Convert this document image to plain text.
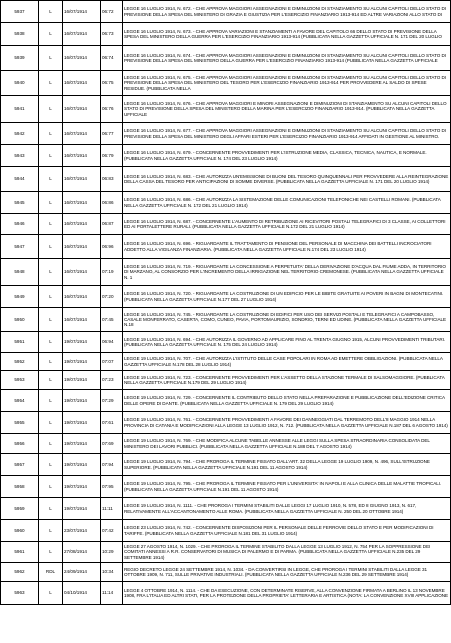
5937	L	16/07/1914	06:72	LEGGE 16 LUGLIO 1914, N. 672. - CHE APPROVA MAGGIORI ASSEGNAZIONI E DIMINUZIONI DI STANZIAMENTO SU ALCUNI CAPITOLI DELLO STATO DI PREVISIONE DELLA SPESA DEL MINISTERO DI GRAZIA E GIUSTIZIA PER L'ESERCIZIO FINANZIARIO 1913-914 ED ALTRE VARIAZIONI ALLO STATO DI
5938	L	16/07/1914	06:73	LEGGE 16 LUGLIO 1914, N. 673. - CHE APPROVA VARIAZIONI E STANZIAMENTI A FAVORE DEL CAPITOLO 66 DELLO STATO DI PREVISIONE DELLA SPESA DEL MINISTERO DELLA GUERRA PER L'ESERCIZIO FINANZIARIO 1913-914 (PUBBLICATA NELLA GAZZETTA UFFICIALE N. 171 DEL 20 LUGLIO
5939	L	16/07/1914	06:74	LEGGE 16 LUGLIO 1914, N. 674. - CHE APPROVA MAGGIORI ASSEGNAZIONI E DIMINUZIONI DI STANZIAMENTO SU ALCUNI CAPITOLI DELLO STATO DI PREVISIONE DELLA SPESA DEL MINISTERO DELLA GUERRA PER L'ESERCIZIO FINANZIARIO 1913-914 (PUBBLICATA NELLA GAZZETTA UFFICIALE
5940	L	16/07/1914	06:75	LEGGE 16 LUGLIO 1914, N. 675. - CHE APPROVA MAGGIORI ASSEGNAZIONI E DIMINUZIONI DI STANZIAMENTO SU ALCUNI CAPITOLI DELLO STATO DI PREVISIONE DELLA SPESA DEL MINISTERO DEL TESORO PER L'ESERCIZIO FINANZIARIO 1913-914 PER PROVVEDERE AL SALDO DI SPESE RESIDUE. (PUBBLICATA NELLA
5941	L	16/07/1914	06:76	LEGGE 16 LUGLIO 1914, N. 676. - CHE APPROVA MAGGIORI E MINORI ASSEGNAZIONI E DIMINUZIONI DI STANZIAMENTO SU ALCUNI CAPITOLI DELLO STATO DI PREVISIONE DELLA SPESA DEL MINISTERO DELLA MARINA PER L'ESERCIZIO FINANZIARIO 1913-914. (PUBBLICATA NELLA GAZZETTA UFFICIALE
5942	L	16/07/1914	06:77	LEGGE 16 LUGLIO 1914, N. 677. - CHE APPROVA MAGGIORI ASSEGNAZIONI E DIMINUZIONI DI STANZIAMENTO SU ALCUNI CAPITOLI DELLO STATO DI PREVISIONE DELLA SPESA DEL MINISTERO DEGLI AFFARI ESTERI PER L'ESERCIZIO FINANZIARIO 1913-914 AFFIDATI IN GESTIONE AL MINISTRO.
5943	L	16/07/1914	06:79	LEGGE 16 LUGLIO 1914, N. 679. - CONCERNENTE PROVVEDIMENTI PER L'ISTRUZIONE MEDIA, CLASSICA, TECNICA, NAUTICA, E NORMALE. (PUBBLICATA NELLA GAZZETTA UFFICIALE N. 174 DEL 23 LUGLIO 1914)
5944	L	16/07/1914	06:83	LEGGE 16 LUGLIO 1914, N. 683. - CHE AUTORIZZA UN'EMISSIONE DI BUONI DEL TESORO QUINQUENNALI PER PROVVEDERE ALLA REINTEGRAZIONE DELLA CASSA DEL TESORO PER ANTICIPAZIONI DI SOMME DIVERSE. (PUBBLICATA NELLA GAZZETTA UFFICIALE N. 171 DEL 20 LUGLIO 1914)
5945	L	16/07/1914	06:86	LEGGE 16 LUGLIO 1914, N. 686. - CHE AUTORIZZA LA SISTEMAZIONE DELLE COMUNICAZIONI TELEFONICHE NEI CASTELLI ROMANI. (PUBBLICATA NELLA GAZZETTA UFFICIALE N. 172 DEL 21 LUGLIO 1914)
5946	L	16/07/1914	06:87	LEGGE 16 LUGLIO 1914, N. 687. - CONCERNENTE L'AUMENTO DI RETRIBUZIONE AI RICEVITORI POSTALI TELEGRAFICI DI 3 CLASSE, AI COLLETTORI ED AI PORTALETTERE RURALI. (PUBBLICATA NELLA GAZZETTA UFFICIALE N.172 DEL 21 LUGLIO 1914)
5947	L	16/07/1914	06:96	LEGGE 16 LUGLIO 1914, N. 696. - RIGUARDANTE IL TRATTAMENTO DI PENSIONE DEL PERSONALE DI MACCHINA DEI BATTELLI INCROCIATORI ADDETTO ALLA VIGILANZA FINANZIARIA. (PUBBLICATA NELLA GAZZETTA UFFICIALE N.174 DEL 23 LUGLIO 1914)
5948	L	16/07/1914	07:19	LEGGE 16 LUGLIO 1914, N. 719. - RIGUARDANTE LA CONCESSIONE A PERPETUITA' DELLA DERIVAZIONE D'ACQUA DAL FIUME ADDA, IN TERRITORIO DI MARZANO, AL CONSORZIO PER L'INCREMENTO DELLA IRRIGAZIONE NEL TERRITORIO CREMONESE. (PUBBLICATA NELLA GAZZETTA UFFICIALE N. 1
5949	L	16/07/1914	07:20	LEGGE 16 LUGLIO 1914, N. 720. - RIGUARDANTE LA COSTRUZIONE DI UN EDIFICIO PER LE BIBITE GRATUITE AI POVERI IN BAGNI DI MONTECATINI. (PUBBLICATA NELLA GAZZETTA UFFICIALE N.177 DEL 27 LUGLIO 1914)
5950	L	16/07/1914	07:45	LEGGE 16 LUGLIO 1914, N. 745. - RIGUARDANTE LA COSTRUZIONE DI EDIFICI PER USO DEI SERVIZI POSTALI E TELEGRAFICI A CAMPOBASSO, CASALE MONFERRATO, CASERTA, COMO, CUNEO, PAVIA, PORTOMAURIZIO, SONDRIO, TERNI ED UDINE. (PUBBLICATA NELLA GAZZETTA UFFICIALE N.18
5951	L	19/07/1914	06:94	LEGGE 19 LUGLIO 1914, N. 694. - CHE AUTORIZZA IL GOVERNO AD APPLICARE FINO AL TRENTA GIUGNO 1915, ALCUNI PROVVEDIMENTI TRIBUTARI. (PUBBLICATA NELLA GAZZETTA UFFICIALE N. 175 DEL 24 LUGLIO 1914)
5952	L	19/07/1914	07:07	LEGGE 19 LUGLIO 1914, N. 707. - CHE AUTORIZZA L'ISTITUTO DELLE CASE POPOLARI IN ROMA AD EMETTERE OBBLIGAZIONI. (PUBBLICATA NELLA GAZZETTA UFFICIALE N.178 DEL 28 LUGLIO 1914)
5953	L	19/07/1914	07:23	LEGGE 19 LUGLIO 1914, N. 723. - CONCERNENTE PROVVEDIMENTI PER L'ASSETTO DELLA STAZIONE TERMALE DI SALSOMAGGIORE. (PUBBLICATA NELLA GAZZETTA UFFICIALE N.179 DEL 29 LUGLIO 1914)
5954	L	19/07/1914	07:29	LEGGE 19 LUGLIO 1914, N. 729. - CONCERNENTE IL CONTRIBUTO DELLO STATO NELLA PREPARAZIONE E PUBBLICAZIONE DELL'EDIZIONE CRITICA DELLE OPERE DI DANTE. (PUBBLICATA NELLA GAZZETTA UFFICIALE N. 179 DEL 29 LUGLIO 1914)
5955	L	19/07/1914	07:61	LEGGE 19 LUGLIO 1914, N. 761. - CONCERNENTE PROVVEDIMENTI A FAVORE DEI DANNEGGIATI DAL TERREMOTO DELL'8 MAGGIO 1914 NELLA PROVINCIA DI CATANIA E MODIFICAZIONI ALLA LEGGE 13 LUGLIO 1912, N. 712. (PUBBLICATA NELLA GAZZETTA UFFICIALE N.187 DEL 6 AGOSTO 1914)
5956	L	19/07/1914	07:69	LEGGE 19 LUGLIO 1914, N. 769. - CHE MODIFICA ALCUNE TABELLE ANNESSE ALLE LEGGI SULLA SPESA STRAORDINARIA CONSOLIDATA DEL MINISTERO DEI LAVORI PUBBLICI. (PUBBLICATA NELLA GAZZETTA UFFICIALE N.188 DEL 7 AGOSTO 1914)
5957	L	19/07/1914	07:94	LEGGE 19 LUGLIO 1914, N. 794. - CHE PROROGA IL TERMINE FISSATO DALL'ART. 32 DELLA LEGGE 19 LUGLIO 1909, N. 496, SULL'ISTRUZIONE SUPERIORE. (PUBBLICATA NELLA GAZZETTA UFFICIALE N.191 DEL 11 AGOSTO 1914)
5958	L	19/07/1914	07:95	LEGGE 19 LUGLIO 1914, N. 795. - CHE PROROGA IL TERMINE FISSATO PER L'UNIVERSITA' IN NAPOLI E ALLA CLINICA DELLE MALATTIE TROPICALI. (PUBBLICATA NELLA GAZZETTA UFFICIALE N.191 DEL 11 AGOSTO 1914)
5959	L	19/07/1914	11:11	LEGGE 19 LUGLIO 1914, N. 1111. - CHE PROROGA I TERMINI STABILITI DALLE LEGGI 17 LUGLIO 1910, N. 578, ED 8 GIUGNO 1913, N. 617, RELATIVAMENTE ALL'ACCANTONAMENTO ALLE ROMA. (PUBBLICATA NELLA GAZZETTA UFFICIALE N. 250 DEL 20 OTTOBRE 1914)
5960	L	23/07/1914	07:42	LEGGE 23 LUGLIO 1914, N. 742. - CONCERNENTE DISPOSIZIONI PER IL PERSONALE DELLE FERROVIE DELLO STATO E PER MODIFICAZIONI DI TARIFFE. (PUBBLICATA NELLA GAZZETTA UFFICIALE N.181 DEL 31 LUGLIO 1914)
5961	L	27/08/1914	10:29	LEGGE 27 AGOSTO 1914, N. 1029. - CHE PROROGA IL TERMINE STABILITO DALLA LEGGE 13 LUGLIO 1912, N. 754 PER LA SOPPRESSIONE DEI COMITATI ANNESSI A R.R. CONSERVATORI DI MUSICA DI PALERMO E DI PARMA. (PUBBLICATA NELLA GAZZETTA UFFICIALE N.235 DEL 29 SETTEMBRE 1914)
5962	RDL	24/09/1914	10:34	REGIO DECRETO LEGGE 24 SETTEMBRE 1914, N. 1034. - DA CONVERTIRSI IN LEGGE, CHE PROROGA I TERMINI STABILITI DALLA LEGGE 31 OTTOBRE 1909, N. 711, SULLE PRIVATIVE INDUSTRIALI. (PUBBLICATA NELLA GAZZETTA UFFICIALE N.236 DEL 29 SETTEMBRE 1914)
5963	L	04/10/1914	11:14	LEGGE 4 OTTOBRE 1914, N. 1114. - CHE DA ESECUZIONE, CON DETERMINATE RISERVE, ALLA CONVENZIONE FIRMATA A BERLINO IL 13 NOVEMBRE 1908, FRA L'ITALIA ED ALTRI STATI, PER LA PROTEZIONE DELLA PROPRIETA' LETTERARIA E ARTISTICA (NOTA: LA CONVENZIONE XVIII APPLICAZIONE
